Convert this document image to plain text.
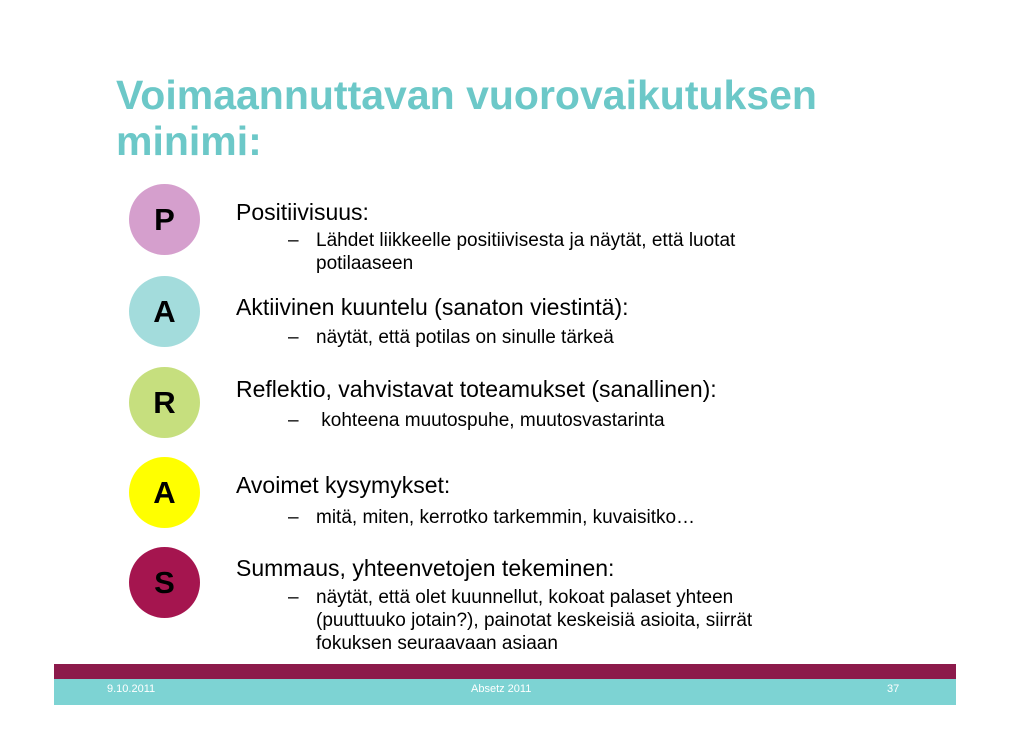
Voimaannuttavan vuorovaikutuksen minimi:
P	Positiivisuus:
– Lähdet liikkeelle positiivisesta ja näytät, että luotat
potilaaseen
A	Aktiivinen kuuntelu (sanaton viestintä):
– näytät, että potilas on sinulle tärkeä
R	Reflektio, vahvistavat toteamukset (sanallinen):
– kohteena muutospuhe, muutosvastarinta
A	Avoimet kysymykset:
– mitä, miten, kerrotko tarkemmin, kuvaisitko…
S	Summaus, yhteenvetojen tekeminen:
– näytät, että olet kuunnellut, kokoat palaset yhteen
(puuttuuko jotain?), painotat keskeisiä asioita, siirrät
fokuksen seuraavaan asiaan
9.10.2011	Absetz 2011	37
